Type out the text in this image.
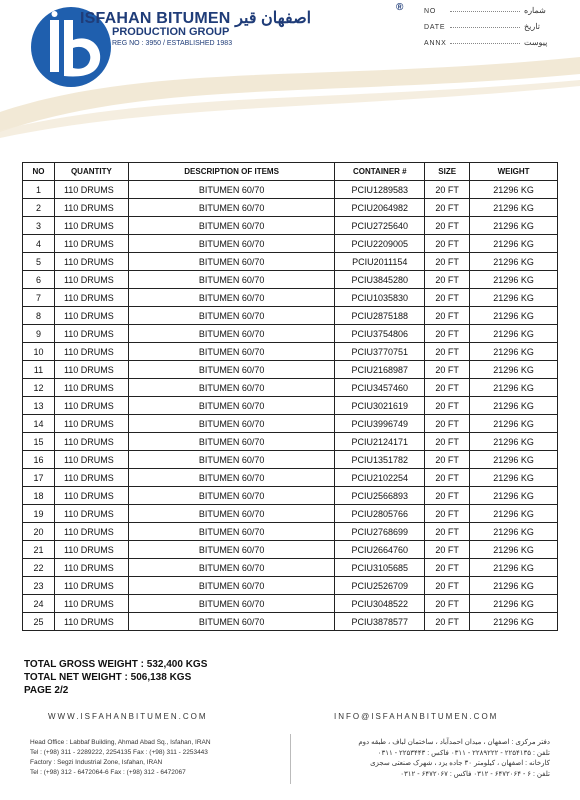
ISFAHAN BITUMEN اصفهان قیر
®
PRODUCTION GROUP
REG NO : 3950 / ESTABLISHED 1983
NO	شماره
DATE	تاریخ
ANNX	پیوست
NO	QUANTITY	DESCRIPTION OF ITEMS	CONTAINER #	SIZE	WEIGHT
1	110 DRUMS	BITUMEN 60/70	PCIU1289583	20 FT	21296 KG
2	110 DRUMS	BITUMEN 60/70	PCIU2064982	20 FT	21296 KG
3	110 DRUMS	BITUMEN 60/70	PCIU2725640	20 FT	21296 KG
4	110 DRUMS	BITUMEN 60/70	PCIU2209005	20 FT	21296 KG
5	110 DRUMS	BITUMEN 60/70	PCIU2011154	20 FT	21296 KG
6	110 DRUMS	BITUMEN 60/70	PCIU3845280	20 FT	21296 KG
7	110 DRUMS	BITUMEN 60/70	PCIU1035830	20 FT	21296 KG
8	110 DRUMS	BITUMEN 60/70	PCIU2875188	20 FT	21296 KG
9	110 DRUMS	BITUMEN 60/70	PCIU3754806	20 FT	21296 KG
10	110 DRUMS	BITUMEN 60/70	PCIU3770751	20 FT	21296 KG
11	110 DRUMS	BITUMEN 60/70	PCIU2168987	20 FT	21296 KG
12	110 DRUMS	BITUMEN 60/70	PCIU3457460	20 FT	21296 KG
13	110 DRUMS	BITUMEN 60/70	PCIU3021619	20 FT	21296 KG
14	110 DRUMS	BITUMEN 60/70	PCIU3996749	20 FT	21296 KG
15	110 DRUMS	BITUMEN 60/70	PCIU2124171	20 FT	21296 KG
16	110 DRUMS	BITUMEN 60/70	PCIU1351782	20 FT	21296 KG
17	110 DRUMS	BITUMEN 60/70	PCIU2102254	20 FT	21296 KG
18	110 DRUMS	BITUMEN 60/70	PCIU2566893	20 FT	21296 KG
19	110 DRUMS	BITUMEN 60/70	PCIU2805766	20 FT	21296 KG
20	110 DRUMS	BITUMEN 60/70	PCIU2768699	20 FT	21296 KG
21	110 DRUMS	BITUMEN 60/70	PCIU2664760	20 FT	21296 KG
22	110 DRUMS	BITUMEN 60/70	PCIU3105685	20 FT	21296 KG
23	110 DRUMS	BITUMEN 60/70	PCIU2526709	20 FT	21296 KG
24	110 DRUMS	BITUMEN 60/70	PCIU3048522	20 FT	21296 KG
25	110 DRUMS	BITUMEN 60/70	PCIU3878577	20 FT	21296 KG
TOTAL GROSS WEIGHT : 532,400 KGS
TOTAL NET WEIGHT : 506,138 KGS
PAGE 2/2
WWW.ISFAHANBITUMEN.COM	INFO@ISFAHANBITUMEN.COM
Head Office : Labbaf Building, Ahmad Abad Sq., Isfahan, IRAN
Tel : (+98) 311 - 2289222, 2254135 Fax : (+98) 311 - 2253443
Factory : Segzi Industrial Zone, Isfahan, IRAN
Tel : (+98) 312 - 6472064-6 Fax : (+98) 312 - 6472067
دفتر مرکزی : اصفهان ، میدان احمدآباد ، ساختمان لباف ، طبقه دوم
تلفن : ۲۲۵۴۱۳۵ - ۲۲۸۹۲۲۲ - ۰۳۱۱ فاکس : ۲۲۵۳۴۴۳ - ۰۳۱۱
کارخانه : اصفهان ، کیلومتر ۳۰ جاده یزد ، شهرک صنعتی سجزی
تلفن : ۶ - ۶۴۷۲۰۶۴ - ۰۳۱۲ فاکس : ۶۴۷۲۰۶۷ - ۰۳۱۲
